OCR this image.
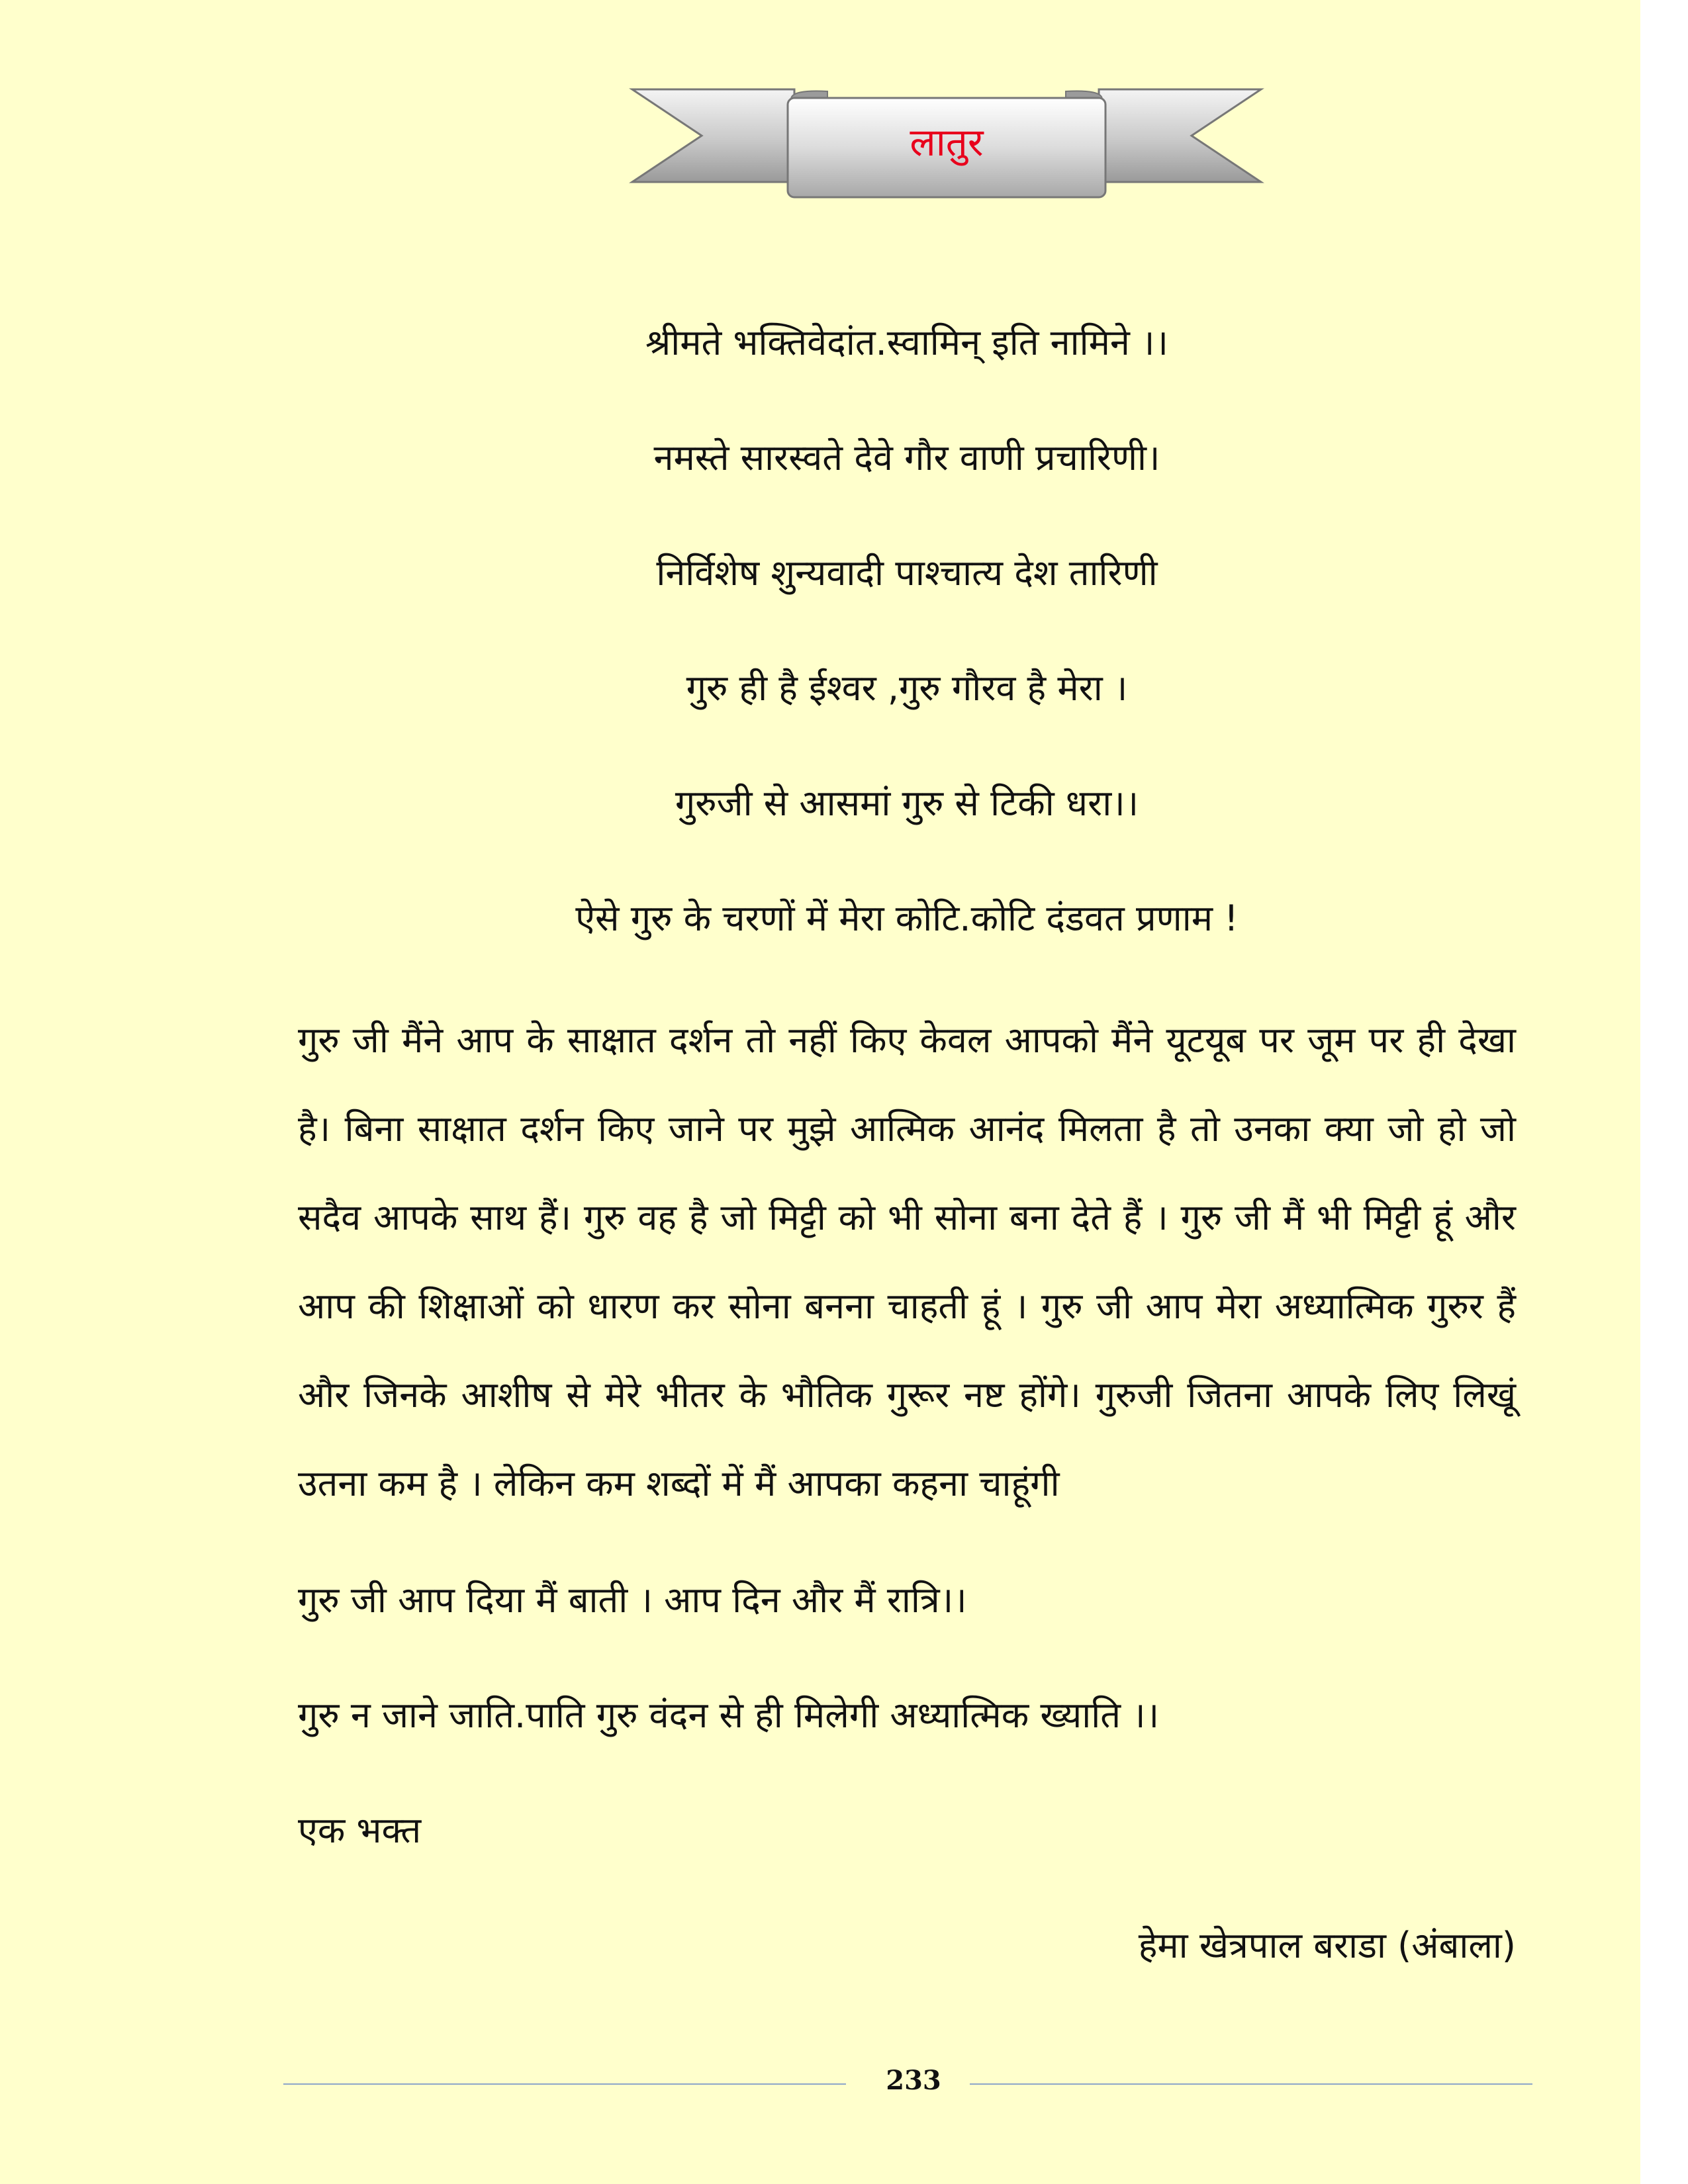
लातुर
श्रीमते भक्तिवेदांत.स्वामिन् इति नामिने ।।
नमस्ते सारस्वते देवे गौर वाणी प्रचारिणी।
निर्विशेष शुन्यवादी पाश्चात्य देश तारिणी
गुरु ही है ईश्वर ,गुरु गौरव है मेरा ।
गुरुजी से आसमां गुरु से टिकी धरा।।
ऐसे गुरु के चरणों में मेरा कोटि.कोटि दंडवत प्रणाम !
गुरु जी मैंने आप के साक्षात दर्शन तो नहीं किए केवल आपको मैंने यूटयूब पर जूम पर ही देखा है। बिना साक्षात दर्शन किए जाने पर मुझे आत्मिक आनंद मिलता है तो उनका क्या जो हो जो सदैव आपके साथ हैं। गुरु वह है जो मिट्टी को भी सोना बना देते हैं । गुरु जी मैं भी मिट्टी हूं और आप की शिक्षाओं को धारण कर सोना बनना चाहती हूं । गुरु जी आप मेरा अध्यात्मिक गुरुर हैं और जिनके आशीष से मेरे भीतर के भौतिक गुरूर नष्ट होंगे। गुरुजी जितना आपके लिए लिखूं उतना कम है । लेकिन कम शब्दों में मैं आपका कहना चाहूंगी
गुरु जी आप दिया मैं बाती । आप दिन और मैं रात्रि।।
गुरु न जाने जाति.पाति गुरु वंदन से ही मिलेगी अध्यात्मिक ख्याति ।।
एक भक्त
हेमा खेत्रपाल बराडा (अंबाला)
233
